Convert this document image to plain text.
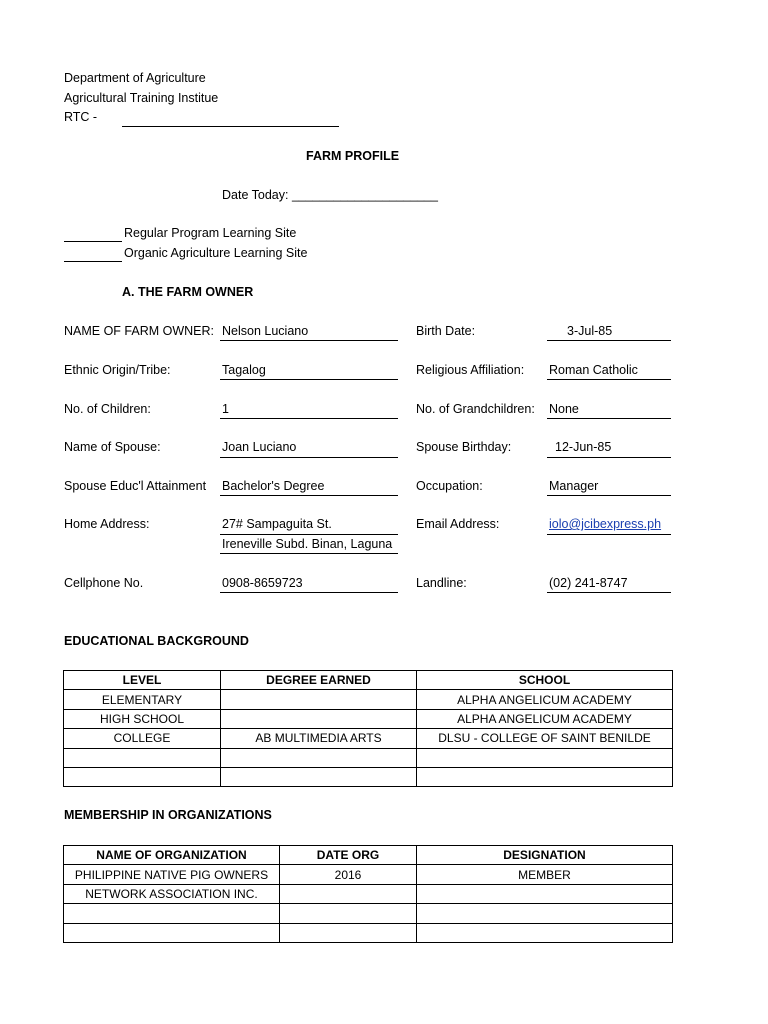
Department of Agriculture
Agricultural Training Institue
RTC -
FARM PROFILE
Date Today: _____________________
Regular Program Learning Site
Organic Agriculture Learning Site
A. THE FARM OWNER
NAME OF FARM OWNER: Nelson Luciano	Birth Date:	3-Jul-85
Ethnic Origin/Tribe:	Tagalog	Religious Affiliation: Roman Catholic
No. of Children:	1	No. of Grandchildren: None
Name of Spouse:	Joan Luciano	Spouse Birthday:	12-Jun-85
Spouse Educ'l Attainment Bachelor's Degree	Occupation:	Manager
Home Address:	27# Sampaguita St.
Ireneville Subd. Binan, Laguna
Email Address:	iolo@jcibexpress.ph
Cellphone No.	0908-8659723	Landline:	(02) 241-8747
EDUCATIONAL BACKGROUND
LEVEL	DEGREE EARNED	SCHOOL
ELEMENTARY		ALPHA ANGELICUM ACADEMY
HIGH SCHOOL		ALPHA ANGELICUM ACADEMY
COLLEGE	AB MULTIMEDIA ARTS	DLSU - COLLEGE OF SAINT BENILDE

MEMBERSHIP IN ORGANIZATIONS
NAME OF ORGANIZATION	DATE ORG	DESIGNATION
PHILIPPINE NATIVE PIG OWNERS	2016	MEMBER
NETWORK ASSOCIATION INC.		
